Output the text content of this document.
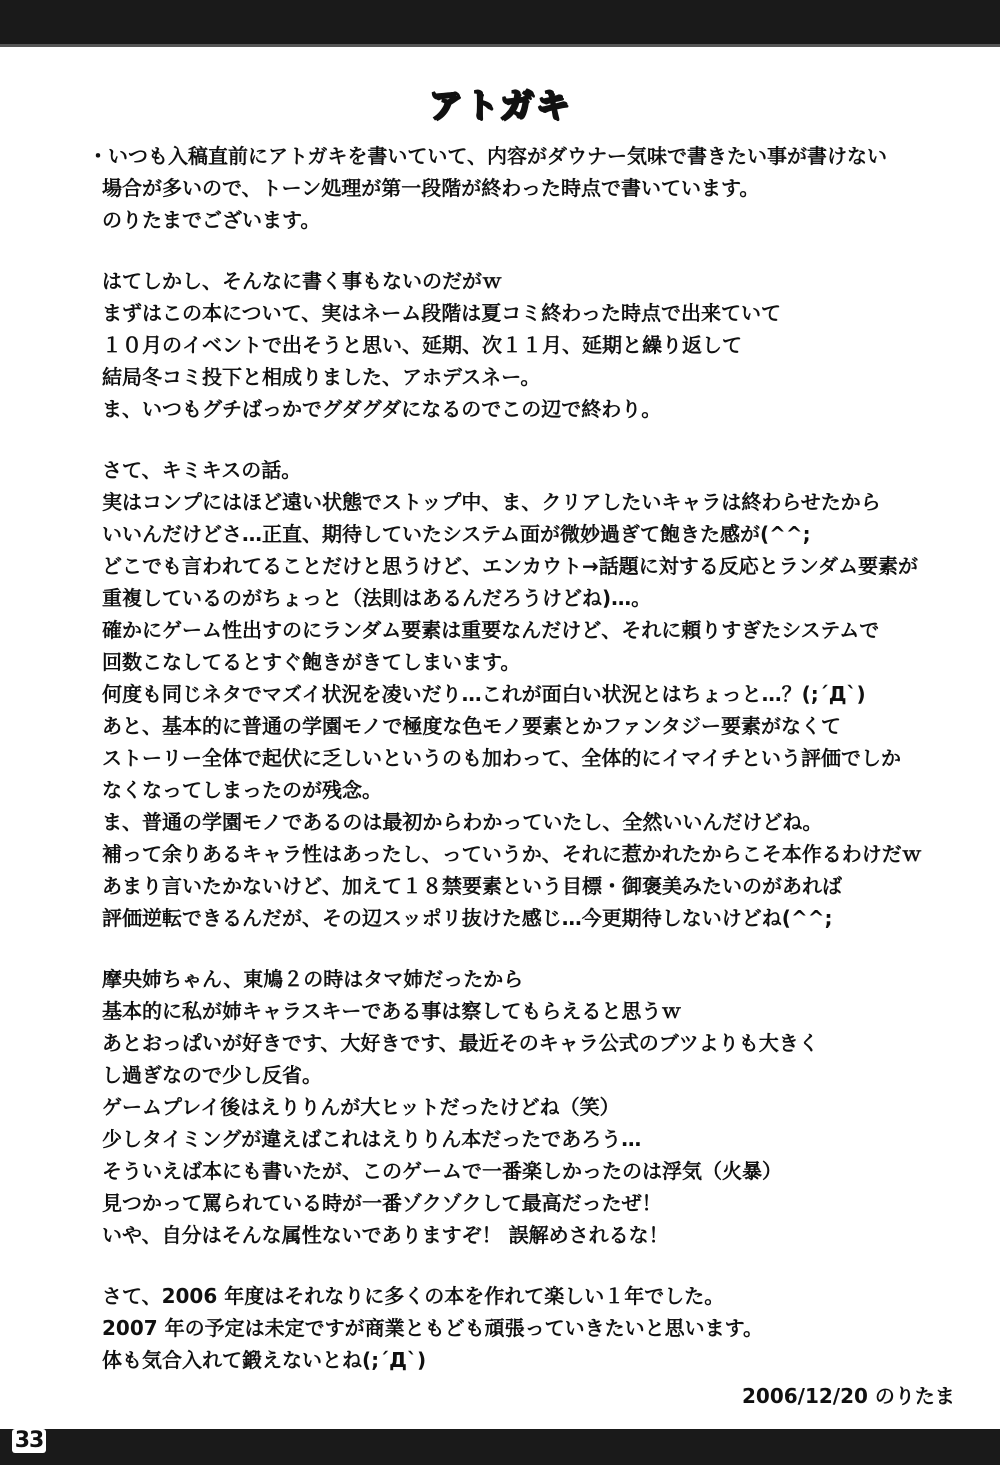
アトガキ
・いつも入稿直前にアトガキを書いていて、内容がダウナー気味で書きたい事が書けない
場合が多いので、トーン処理が第一段階が終わった時点で書いています。
のりたまでございます。
はてしかし、そんなに書く事もないのだがｗ
まずはこの本について、実はネーム段階は夏コミ終わった時点で出来ていて
１０月のイベントで出そうと思い、延期、次１１月、延期と繰り返して
結局冬コミ投下と相成りました、アホデスネー。
ま、いつもグチばっかでグダグダになるのでこの辺で終わり。
さて、キミキスの話。
実はコンプにはほど遠い状態でストップ中、ま、クリアしたいキャラは終わらせたから
いいんだけどさ…正直、期待していたシステム面が微妙過ぎて飽きた感が(^^;
どこでも言われてることだけと思うけど、エンカウト→話題に対する反応とランダム要素が
重複しているのがちょっと（法則はあるんだろうけどね)…。
確かにゲーム性出すのにランダム要素は重要なんだけど、それに頼りすぎたシステムで
回数こなしてるとすぐ飽きがきてしまいます。
何度も同じネタでマズイ状況を凌いだり…これが面白い状況とはちょっと…？(;´Д`)
あと、基本的に普通の学園モノで極度な色モノ要素とかファンタジー要素がなくて
ストーリー全体で起伏に乏しいというのも加わって、全体的にイマイチという評価でしか
なくなってしまったのが残念。
ま、普通の学園モノであるのは最初からわかっていたし、全然いいんだけどね。
補って余りあるキャラ性はあったし、っていうか、それに惹かれたからこそ本作るわけだｗ
あまり言いたかないけど、加えて１８禁要素という目標・御褒美みたいのがあれば
評価逆転できるんだが、その辺スッポリ抜けた感じ…今更期待しないけどね(^^;
摩央姉ちゃん、東鳩２の時はタマ姉だったから
基本的に私が姉キャラスキーである事は察してもらえると思うｗ
あとおっぱいが好きです、大好きです、最近そのキャラ公式のブツよりも大きく
し過ぎなので少し反省。
ゲームプレイ後はえりりんが大ヒットだったけどね（笑）
少しタイミングが違えばこれはえりりん本だったであろう…
そういえば本にも書いたが、このゲームで一番楽しかったのは浮気（火暴）
見つかって罵られている時が一番ゾクゾクして最高だったぜ！
いや、自分はそんな属性ないでありますぞ！ 誤解めされるな！
さて、2006 年度はそれなりに多くの本を作れて楽しい１年でした。
2007 年の予定は未定ですが商業ともども頑張っていきたいと思います。
体も気合入れて鍛えないとね(;´Д`)
2006/12/20 のりたま
33
